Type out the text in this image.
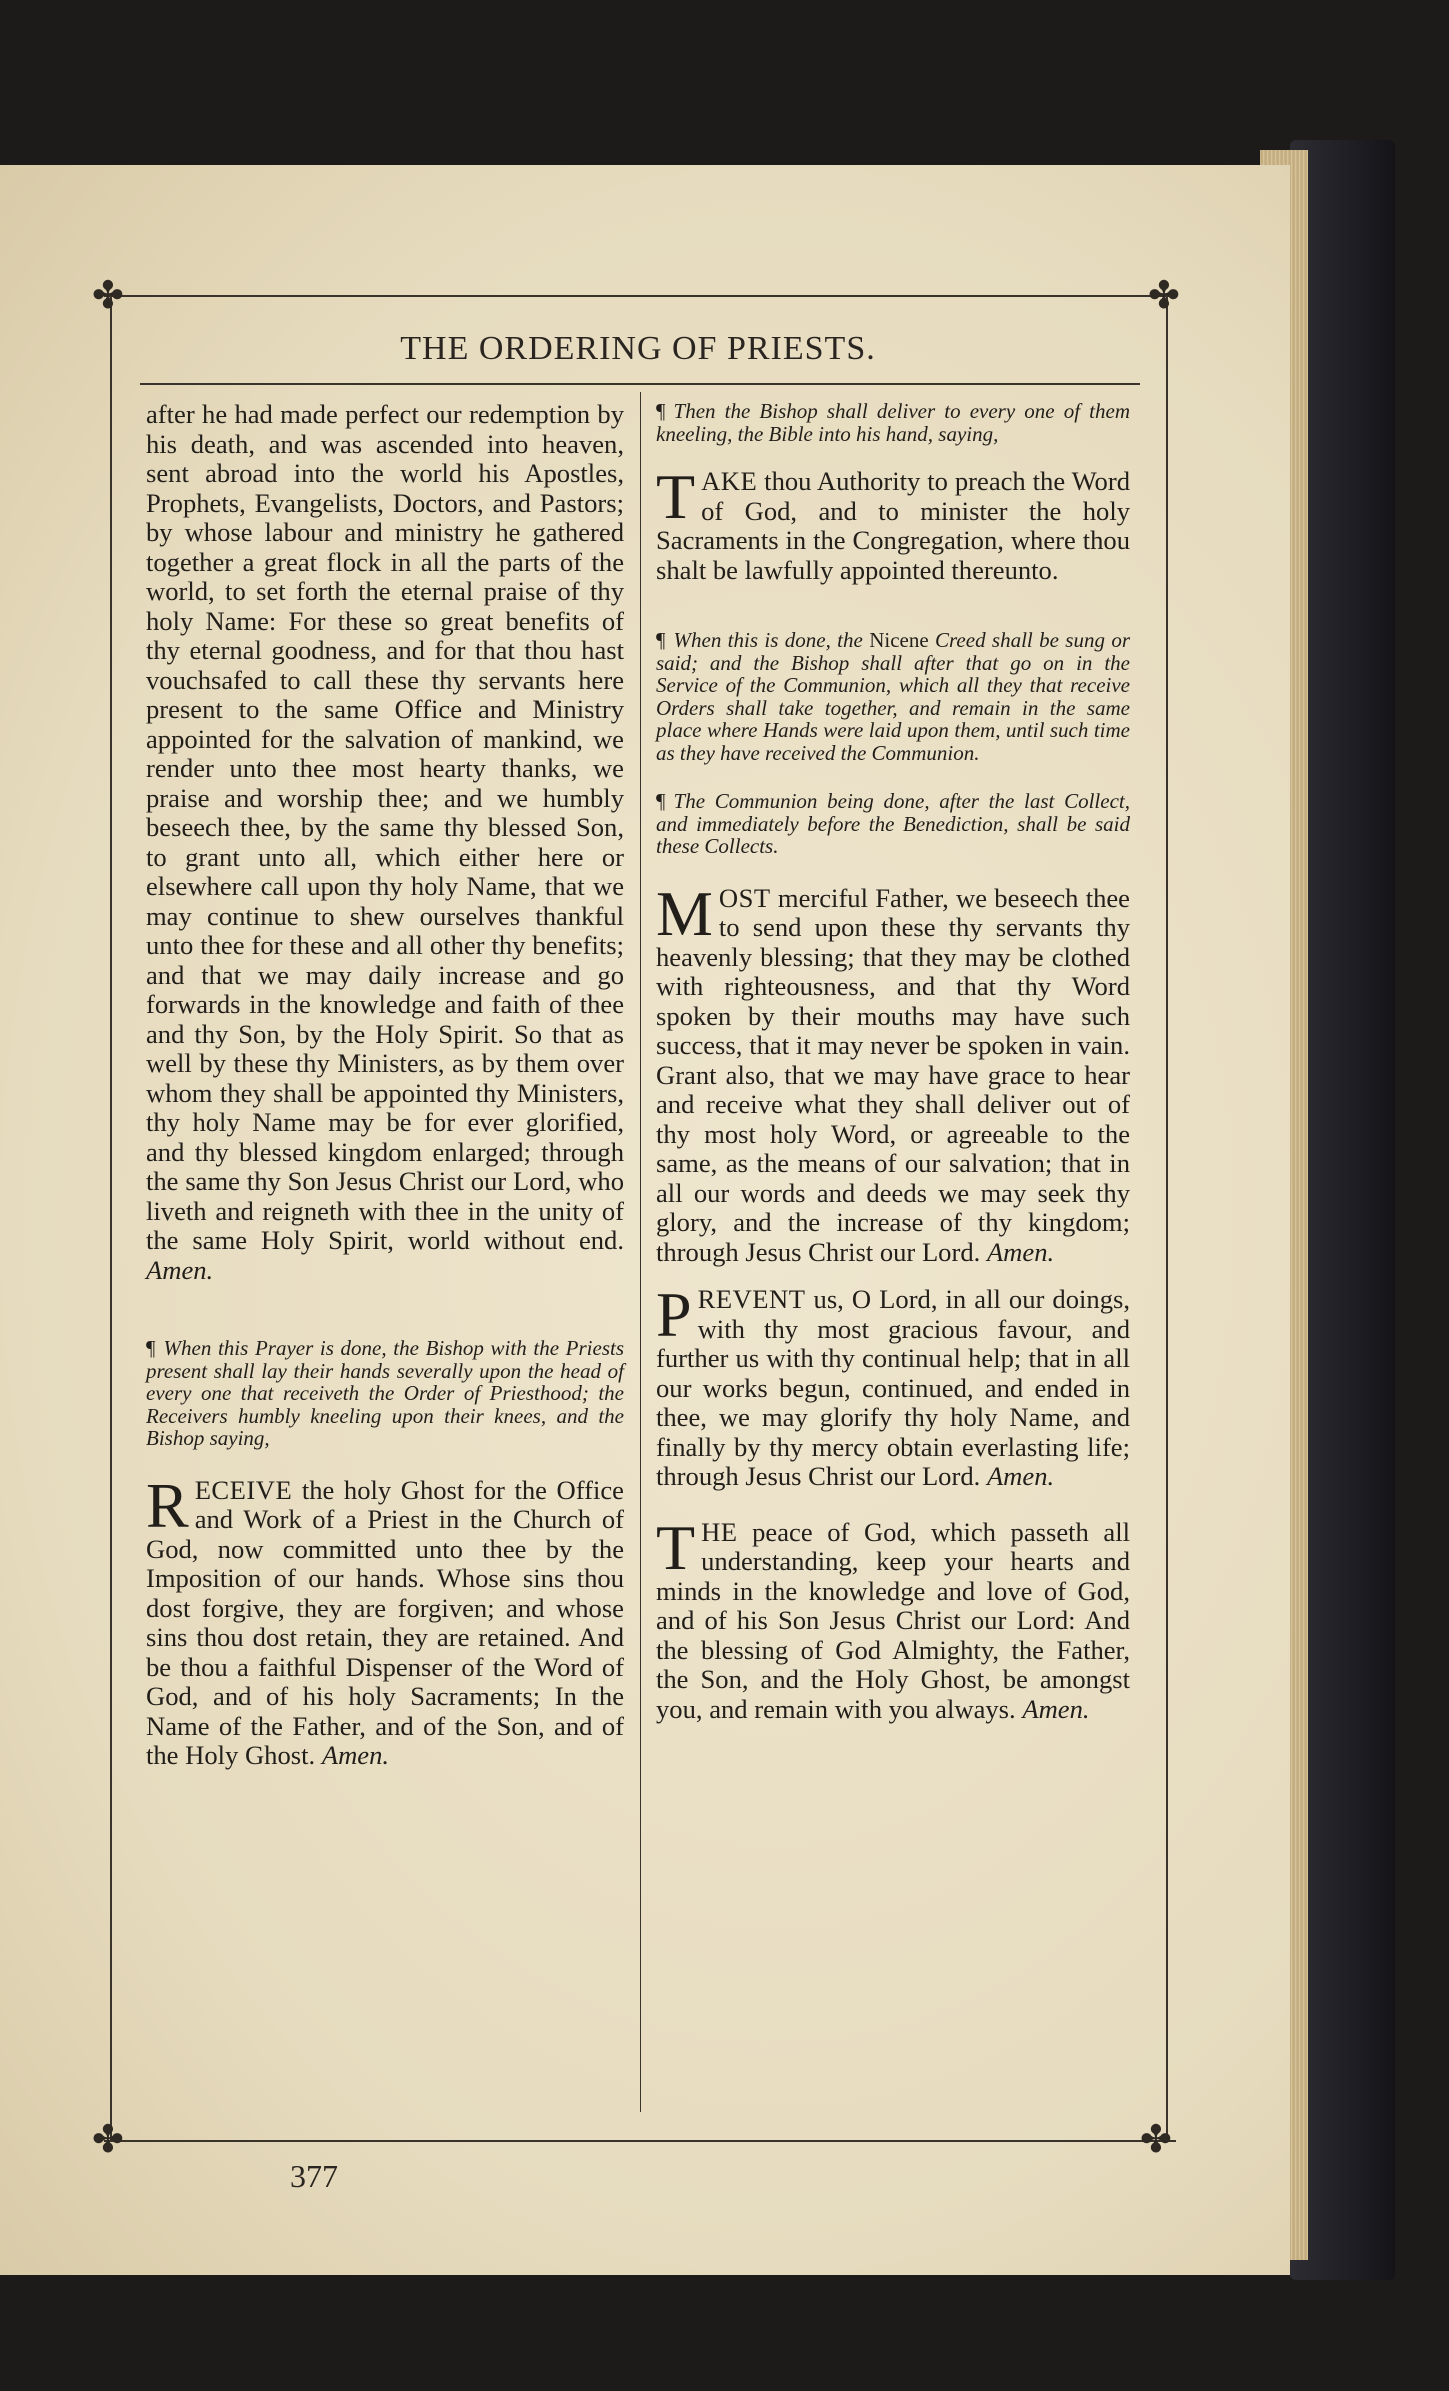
✤	✤
✤	✤
THE ORDERING OF PRIESTS.

after he had made perfect our redemption by his death, and was ascended into heaven, sent abroad into the world his Apostles, Prophets, Evangelists, Doctors, and Pastors; by whose labour and ministry he gathered together a great flock in all the parts of the world, to set forth the eternal praise of thy holy Name: For these so great benefits of thy eternal goodness, and for that thou hast vouchsafed to call these thy servants here present to the same Office and Ministry appointed for the salvation of mankind, we render unto thee most hearty thanks, we praise and worship thee; and we humbly beseech thee, by the same thy blessed Son, to grant unto all, which either here or elsewhere call upon thy holy Name, that we may continue to shew ourselves thankful unto thee for these and all other thy benefits; and that we may daily increase and go forwards in the knowledge and faith of thee and thy Son, by the Holy Spirit. So that as well by these thy Ministers, as by them over whom they shall be appointed thy Ministers, thy holy Name may be for ever glorified, and thy blessed kingdom enlarged; through the same thy Son Jesus Christ our Lord, who liveth and reigneth with thee in the unity of the same Holy Spirit, world without end. Amen.

¶ When this Prayer is done, the Bishop with the Priests present shall lay their hands severally upon the head of every one that receiveth the Order of Priesthood; the Receivers humbly kneeling upon their knees, and the Bishop saying,

RECEIVE the holy Ghost for the Office and Work of a Priest in the Church of God, now committed unto thee by the Imposition of our hands. Whose sins thou dost forgive, they are forgiven; and whose sins thou dost retain, they are retained. And be thou a faithful Dispenser of the Word of God, and of his holy Sacraments; In the Name of the Father, and of the Son, and of the Holy Ghost. Amen.

¶ Then the Bishop shall deliver to every one of them kneeling, the Bible into his hand, saying,

TAKE thou Authority to preach the Word of God, and to minister the holy Sacraments in the Congregation, where thou shalt be lawfully appointed thereunto.

¶ When this is done, the Nicene Creed shall be sung or said; and the Bishop shall after that go on in the Service of the Communion, which all they that receive Orders shall take together, and remain in the same place where Hands were laid upon them, until such time as they have received the Communion.

¶ The Communion being done, after the last Collect, and immediately before the Benediction, shall be said these Collects.

MOST merciful Father, we beseech thee to send upon these thy servants thy heavenly blessing; that they may be clothed with righteousness, and that thy Word spoken by their mouths may have such success, that it may never be spoken in vain. Grant also, that we may have grace to hear and receive what they shall deliver out of thy most holy Word, or agreeable to the same, as the means of our salvation; that in all our words and deeds we may seek thy glory, and the increase of thy kingdom; through Jesus Christ our Lord. Amen.

PREVENT us, O Lord, in all our doings, with thy most gracious favour, and further us with thy continual help; that in all our works begun, continued, and ended in thee, we may glorify thy holy Name, and finally by thy mercy obtain everlasting life; through Jesus Christ our Lord. Amen.

THE peace of God, which passeth all understanding, keep your hearts and minds in the knowledge and love of God, and of his Son Jesus Christ our Lord: And the blessing of God Almighty, the Father, the Son, and the Holy Ghost, be amongst you, and remain with you always. Amen.

377
